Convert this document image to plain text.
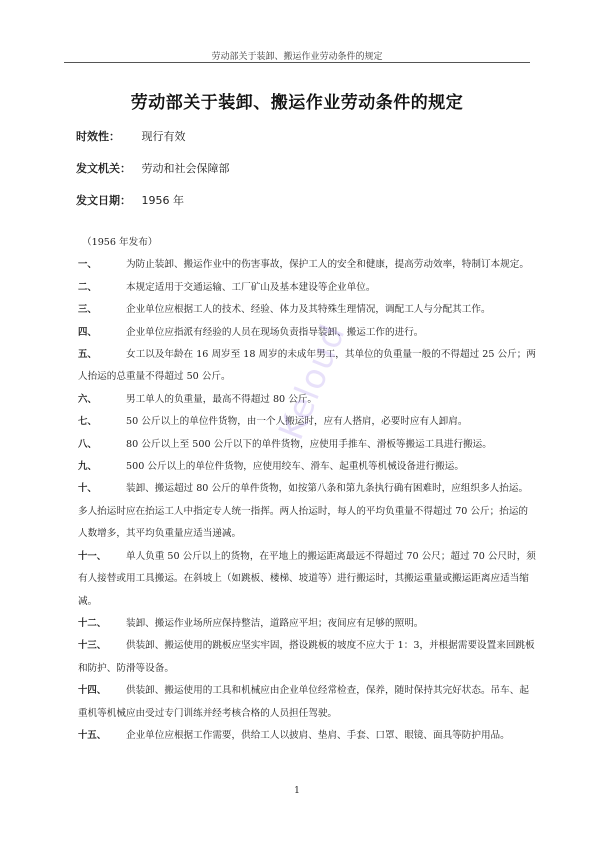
劳动部关于装卸、搬运作业劳动条件的规定
劳动部关于装卸、搬运作业劳动条件的规定
时效性： 现行有效
发文机关： 劳动和社会保障部
发文日期： 1956 年
（1956 年发布）
一、	为防止装卸、搬运作业中的伤害事故，保护工人的安全和健康，提高劳动效率，特制订本规定。
二、	本规定适用于交通运输、工厂矿山及基本建设等企业单位。
三、	企业单位应根据工人的技术、经验、体力及其特殊生理情况，调配工人与分配其工作。
四、	企业单位应指派有经验的人员在现场负责指导装卸、搬运工作的进行。
五、	女工以及年龄在 16 周岁至 18 周岁的未成年男工，其单位的负重量一般的不得超过 25 公斤；两人抬运的总重量不得超过 50 公斤。
六、	男工单人的负重量，最高不得超过 80 公斤。
七、	50 公斤以上的单位件货物，由一个人搬运时，应有人搭肩，必要时应有人卸肩。
八、	80 公斤以上至 500 公斤以下的单件货物，应使用手推车、滑板等搬运工具进行搬运。
九、	500 公斤以上的单位件货物，应使用绞车、滑车、起重机等机械设备进行搬运。
十、	装卸、搬运超过 80 公斤的单件货物，如按第八条和第九条执行确有困难时，应组织多人抬运。多人抬运时应在抬运工人中指定专人统一指挥。两人抬运时，每人的平均负重量不得超过 70 公斤；抬运的人数增多，其平均负重量应适当递减。
十一、 单人负重 50 公斤以上的货物，在平地上的搬运距离最远不得超过 70 公尺；超过 70 公尺时，须有人接替或用工具搬运。在斜坡上（如跳板、楼梯、坡道等）进行搬运时，其搬运重量或搬运距离应适当缩减。
十二、 装卸、搬运作业场所应保持整洁，道路应平坦；夜间应有足够的照明。
十三、 供装卸、搬运使用的跳板应坚实牢固，搭设跳板的坡度不应大于 1：3，并根据需要设置来回跳板和防护、防滑等设备。
十四、 供装卸、搬运使用的工具和机械应由企业单位经常检查，保养，随时保持其完好状态。吊车、起重机等机械应由受过专门训练并经考核合格的人员担任驾驶。
十五、 企业单位应根据工作需要，供给工人以披肩、垫肩、手套、口罩、眼镜、面具等防护用品。
Keloud
1
